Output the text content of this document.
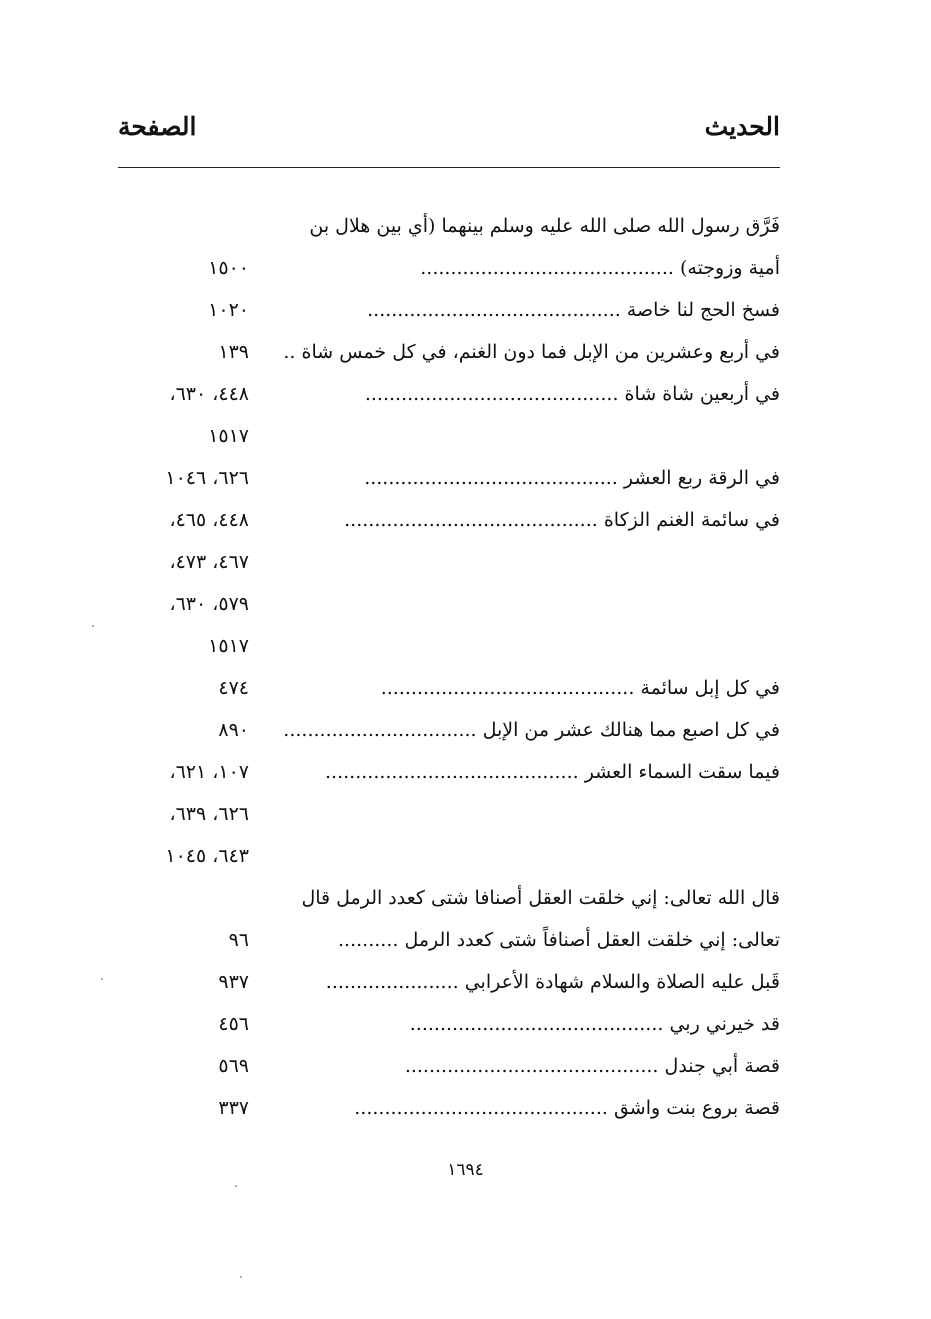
الحديث
الصفحة
فَرَّق رسول الله صلى الله عليه وسلم بينهما (أي بين هلال بن
أمية وزوجته) ..........................................
١٥٠٠
فسخ الحج لنا خاصة ..........................................
١٠٢٠
في أربع وعشرين من الإبل فما دون الغنم، في كل خمس شاة ..
١٣٩
في أربعين شاة شاة ..........................................
٤٤٨، ٦٣٠،
١٥١٧
في الرقة ربع العشر ..........................................
٦٢٦، ١٠٤٦
في سائمة الغنم الزكاة ..........................................
٤٤٨، ٤٦٥،
٤٦٧، ٤٧٣،
٥٧٩، ٦٣٠،
١٥١٧
في كل إبل سائمة ..........................................
٤٧٤
في كل اصبع مما هنالك عشر من الإبل ................................
٨٩٠
فيما سقت السماء العشر ..........................................
١٠٧، ٦٢١،
٦٢٦، ٦٣٩،
٦٤٣، ١٠٤٥
قال الله تعالى: إني خلقت العقل أصنافا شتى كعدد الرمل قال
تعالى: إني خلقت العقل أصنافاً شتى كعدد الرمل ..........
٩٦
قَبل عليه الصلاة والسلام شهادة الأعرابي ......................
٩٣٧
قد خيرني ربي ..........................................
٤٥٦
قصة أبي جندل ..........................................
٥٦٩
قصة بروع بنت واشق ..........................................
٣٣٧
١٦٩٤
